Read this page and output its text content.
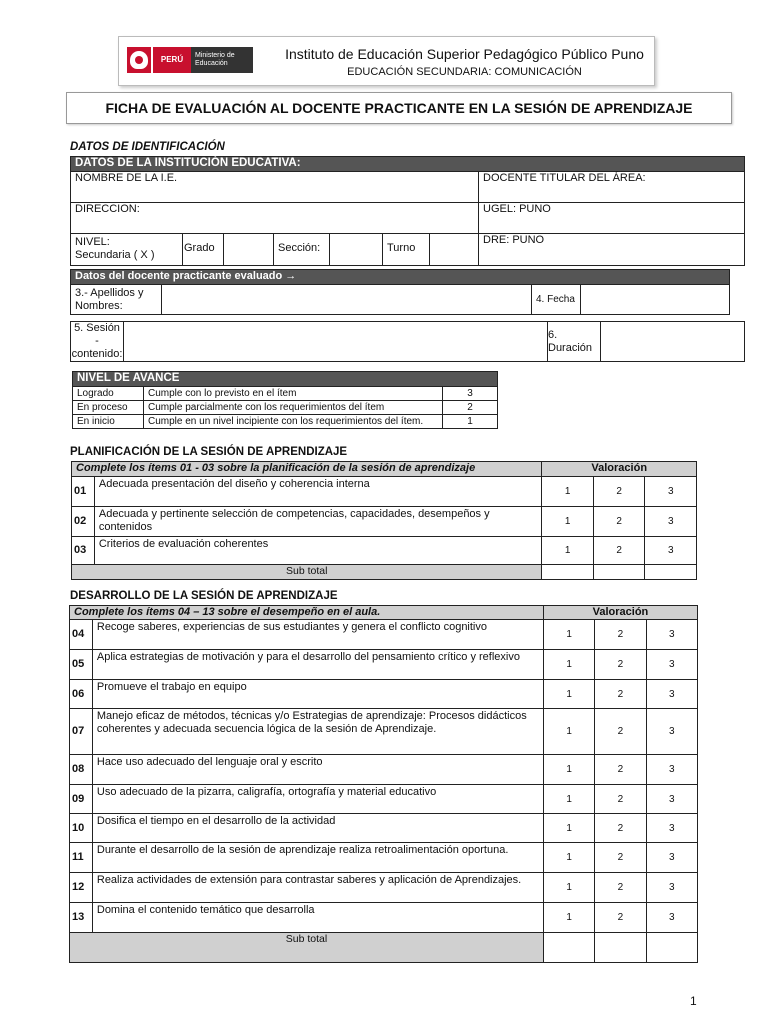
PERÚ	Ministerio de Educación
Instituto de Educación Superior Pedagógico Público Puno
EDUCACIÓN SECUNDARIA: COMUNICACIÓN
FICHA DE EVALUACIÓN AL DOCENTE PRACTICANTE EN LA SESIÓN DE APRENDIZAJE
DATOS DE IDENTIFICACIÓN
DATOS DE LA INSTITUCIÓN EDUCATIVA:							
NOMBRE DE LA I.E.							DOCENTE TITULAR DEL ÁREA:
DIRECCION:							UGEL: PUNO

NIVEL:
Secundaria ( X )	Grado		Sección:		Turno		DRE: PUNO
Datos del docente practicante evaluado →
3.- Apellidos y Nombres:		4. Fecha	
5. Sesión - contenido:		6. Duración	
NIVEL DE AVANCE		
Logrado	Cumple con lo previsto en el ítem	3
En proceso	Cumple parcialmente con los requerimientos del ítem	2
En inicio	Cumple en un nivel incipiente con los requerimientos del ítem.	1
PLANIFICACIÓN DE LA SESIÓN DE APRENDIZAJE
Complete los ítems 01 - 03 sobre la planificación de la sesión de aprendizaje		Valoración		
01	Adecuada presentación del diseño y coherencia interna	1	2	3
02	Adecuada y pertinente selección de competencias, capacidades, desempeños y contenidos	1	2	3
03	Criterios de evaluación coherentes	1	2	3
Sub total				
DESARROLLO DE LA SESIÓN DE APRENDIZAJE
Complete los ítems 04 – 13 sobre el desempeño en el aula.		Valoración		
04	Recoge saberes, experiencias de sus estudiantes y genera el conflicto cognitivo	1	2	3
05	Aplica estrategias de motivación y para el desarrollo del pensamiento crítico y reflexivo	1	2	3
06	Promueve el trabajo en equipo	1	2	3
07	Manejo eficaz de métodos, técnicas y/o Estrategias de aprendizaje: Procesos didácticos coherentes y adecuada secuencia lógica de la sesión de Aprendizaje.	1	2	3
08	Hace uso adecuado del lenguaje oral y escrito	1	2	3
09	Uso adecuado de la pizarra, caligrafía, ortografía y material educativo	1	2	3
10	Dosifica el tiempo en el desarrollo de la actividad	1	2	3
11	Durante el desarrollo de la sesión de aprendizaje realiza retroalimentación oportuna.	1	2	3
12	Realiza actividades de extensión para contrastar saberes y aplicación de Aprendizajes.	1	2	3
13	Domina el contenido temático que desarrolla	1	2	3
Sub total				
1
